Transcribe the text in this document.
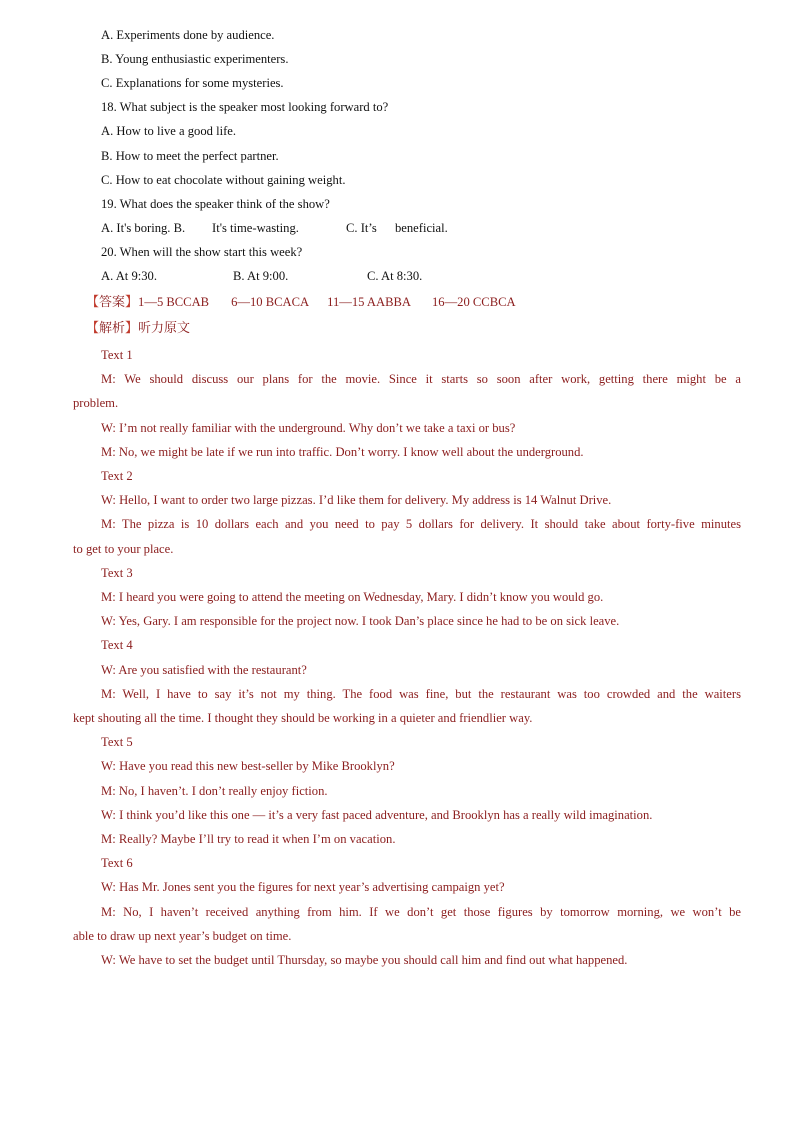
A. Experiments done by audience.
B. Young enthusiastic experimenters.
C. Explanations for some mysteries.
18. What subject is the speaker most looking forward to?
A. How to live a good life.
B. How to meet the perfect partner.
C. How to eat chocolate without gaining weight.
19. What does the speaker think of the show?
A. It's boring. B. It's time-wasting.	C. It’s beneficial.
20. When will the show start this week?
A. At 9:30.	B. At 9:00.	C. At 8:30.
【答案】1—5 BCCAB 6—10 BCACA 11—15 AABBA 16—20 CCBCA
【解析】听力原文
Text 1
M: We should discuss our plans for the movie. Since it starts so soon after work, getting there might be a
problem.
W: I’m not really familiar with the underground. Why don’t we take a taxi or bus?
M: No, we might be late if we run into traffic. Don’t worry. I know well about the underground.
Text 2
W: Hello, I want to order two large pizzas. I’d like them for delivery. My address is 14 Walnut Drive.
M: The pizza is 10 dollars each and you need to pay 5 dollars for delivery. It should take about forty-five minutes
to get to your place.
Text 3
M: I heard you were going to attend the meeting on Wednesday, Mary. I didn’t know you would go.
W: Yes, Gary. I am responsible for the project now. I took Dan’s place since he had to be on sick leave.
Text 4
W: Are you satisfied with the restaurant?
M: Well, I have to say it’s not my thing. The food was fine, but the restaurant was too crowded and the waiters
kept shouting all the time. I thought they should be working in a quieter and friendlier way.
Text 5
W: Have you read this new best-seller by Mike Brooklyn?
M: No, I haven’t. I don’t really enjoy fiction.
W: I think you’d like this one — it’s a very fast paced adventure, and Brooklyn has a really wild imagination.
M: Really? Maybe I’ll try to read it when I’m on vacation.
Text 6
W: Has Mr. Jones sent you the figures for next year’s advertising campaign yet?
M: No, I haven’t received anything from him. If we don’t get those figures by tomorrow morning, we won’t be
able to draw up next year’s budget on time.
W: We have to set the budget until Thursday, so maybe you should call him and find out what happened.
